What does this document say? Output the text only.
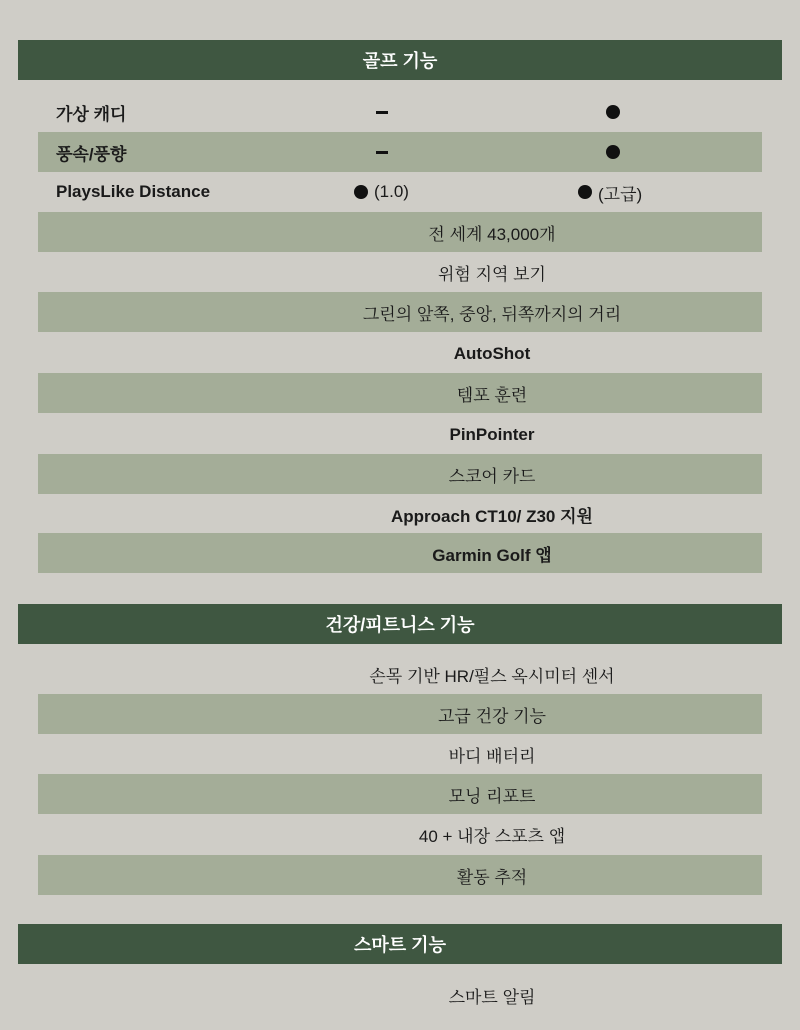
골프 기능
가상 캐디
풍속/풍향
PlaysLike Distance	(1.0)	(고급)
전 세계 43,000개
위험 지역 보기
그린의 앞쪽, 중앙, 뒤쪽까지의 거리
AutoShot
템포 훈련
PinPointer
스코어 카드
Approach CT10/ Z30 지원
Garmin Golf 앱
건강/피트니스 기능
손목 기반 HR/펄스 옥시미터 센서
고급 건강 기능
바디 배터리
모닝 리포트
40 + 내장 스포츠 앱
활동 추적
스마트 기능
스마트 알림
